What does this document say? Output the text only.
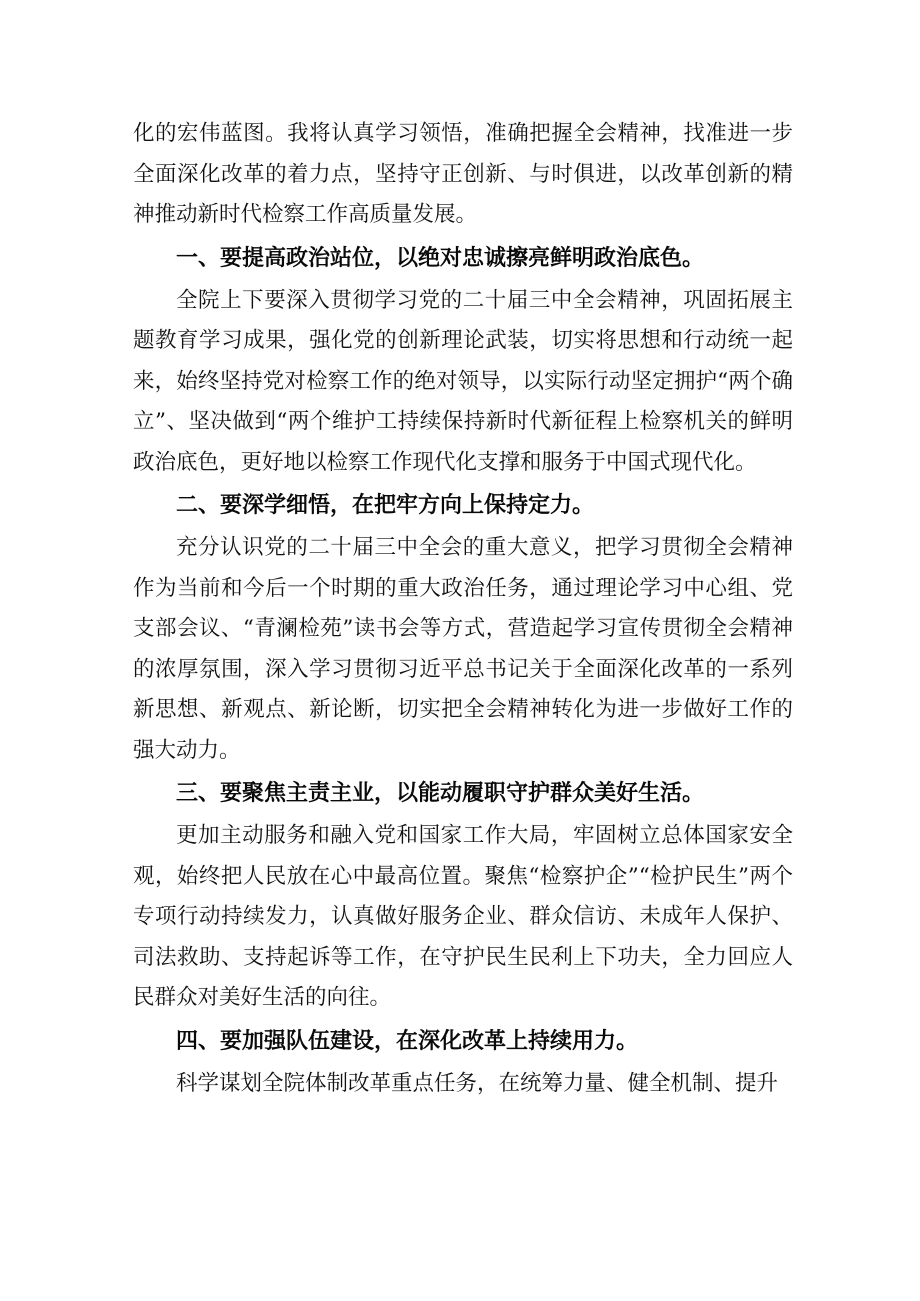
化的宏伟蓝图。我将认真学习领悟，准确把握全会精神，找准进一步全面深化改革的着力点，坚持守正创新、与时俱进，以改革创新的精神推动新时代检察工作高质量发展。

一、要提高政治站位，以绝对忠诚擦亮鲜明政治底色。

全院上下要深入贯彻学习党的二十届三中全会精神，巩固拓展主题教育学习成果，强化党的创新理论武装，切实将思想和行动统一起来，始终坚持党对检察工作的绝对领导，以实际行动坚定拥护“两个确立”、坚决做到“两个维护工持续保持新时代新征程上检察机关的鲜明政治底色，更好地以检察工作现代化支撑和服务于中国式现代化。

二、要深学细悟，在把牢方向上保持定力。

充分认识党的二十届三中全会的重大意义，把学习贯彻全会精神作为当前和今后一个时期的重大政治任务，通过理论学习中心组、党支部会议、“青澜检苑”读书会等方式，营造起学习宣传贯彻全会精神的浓厚氛围，深入学习贯彻习近平总书记关于全面深化改革的一系列新思想、新观点、新论断，切实把全会精神转化为进一步做好工作的强大动力。

三、要聚焦主责主业，以能动履职守护群众美好生活。

更加主动服务和融入党和国家工作大局，牢固树立总体国家安全观，始终把人民放在心中最高位置。聚焦“检察护企”“检护民生”两个专项行动持续发力，认真做好服务企业、群众信访、未成年人保护、司法救助、支持起诉等工作，在守护民生民利上下功夫，全力回应人民群众对美好生活的向往。

四、要加强队伍建设，在深化改革上持续用力。

科学谋划全院体制改革重点任务，在统筹力量、健全机制、提升
